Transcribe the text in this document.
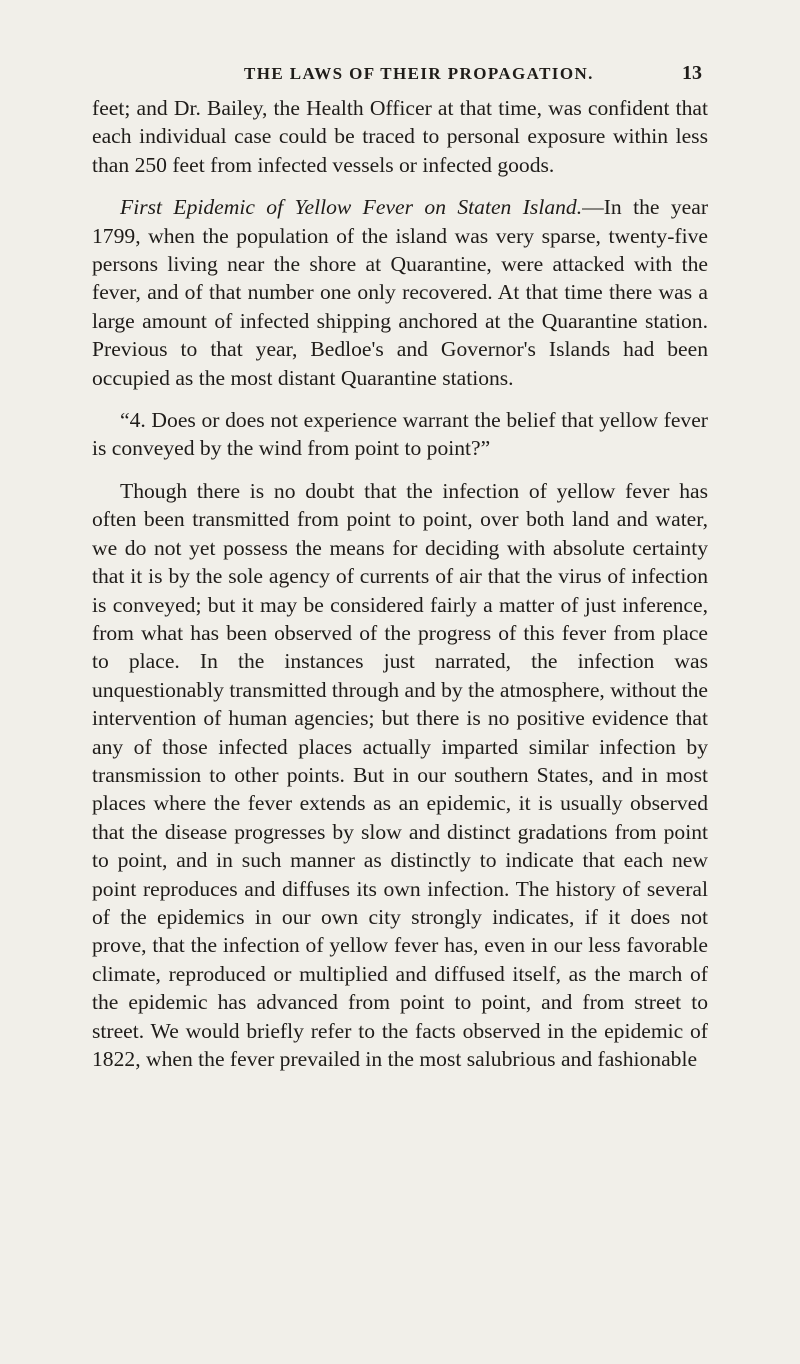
THE LAWS OF THEIR PROPAGATION.	13

feet; and Dr. Bailey, the Health Officer at that time, was confident that each individual case could be traced to personal exposure within less than 250 feet from infected vessels or infected goods.

First Epidemic of Yellow Fever on Staten Island.—In the year 1799, when the population of the island was very sparse, twenty-five persons living near the shore at Quarantine, were attacked with the fever, and of that number one only recovered. At that time there was a large amount of infected shipping anchored at the Quarantine station. Previous to that year, Bedloe's and Governor's Islands had been occupied as the most distant Quarantine stations.

“4. Does or does not experience warrant the belief that yellow fever is conveyed by the wind from point to point?”

Though there is no doubt that the infection of yellow fever has often been transmitted from point to point, over both land and water, we do not yet possess the means for deciding with absolute certainty that it is by the sole agency of currents of air that the virus of infection is conveyed; but it may be considered fairly a matter of just inference, from what has been observed of the progress of this fever from place to place. In the instances just narrated, the infection was unquestionably transmitted through and by the atmosphere, without the intervention of human agencies; but there is no positive evidence that any of those infected places actually imparted similar infection by transmission to other points. But in our southern States, and in most places where the fever extends as an epidemic, it is usually observed that the disease progresses by slow and distinct gradations from point to point, and in such manner as distinctly to indicate that each new point reproduces and diffuses its own infection. The history of several of the epidemics in our own city strongly indicates, if it does not prove, that the infection of yellow fever has, even in our less favorable climate, reproduced or multiplied and diffused itself, as the march of the epidemic has advanced from point to point, and from street to street. We would briefly refer to the facts observed in the epidemic of 1822, when the fever prevailed in the most salubrious and fashionable
